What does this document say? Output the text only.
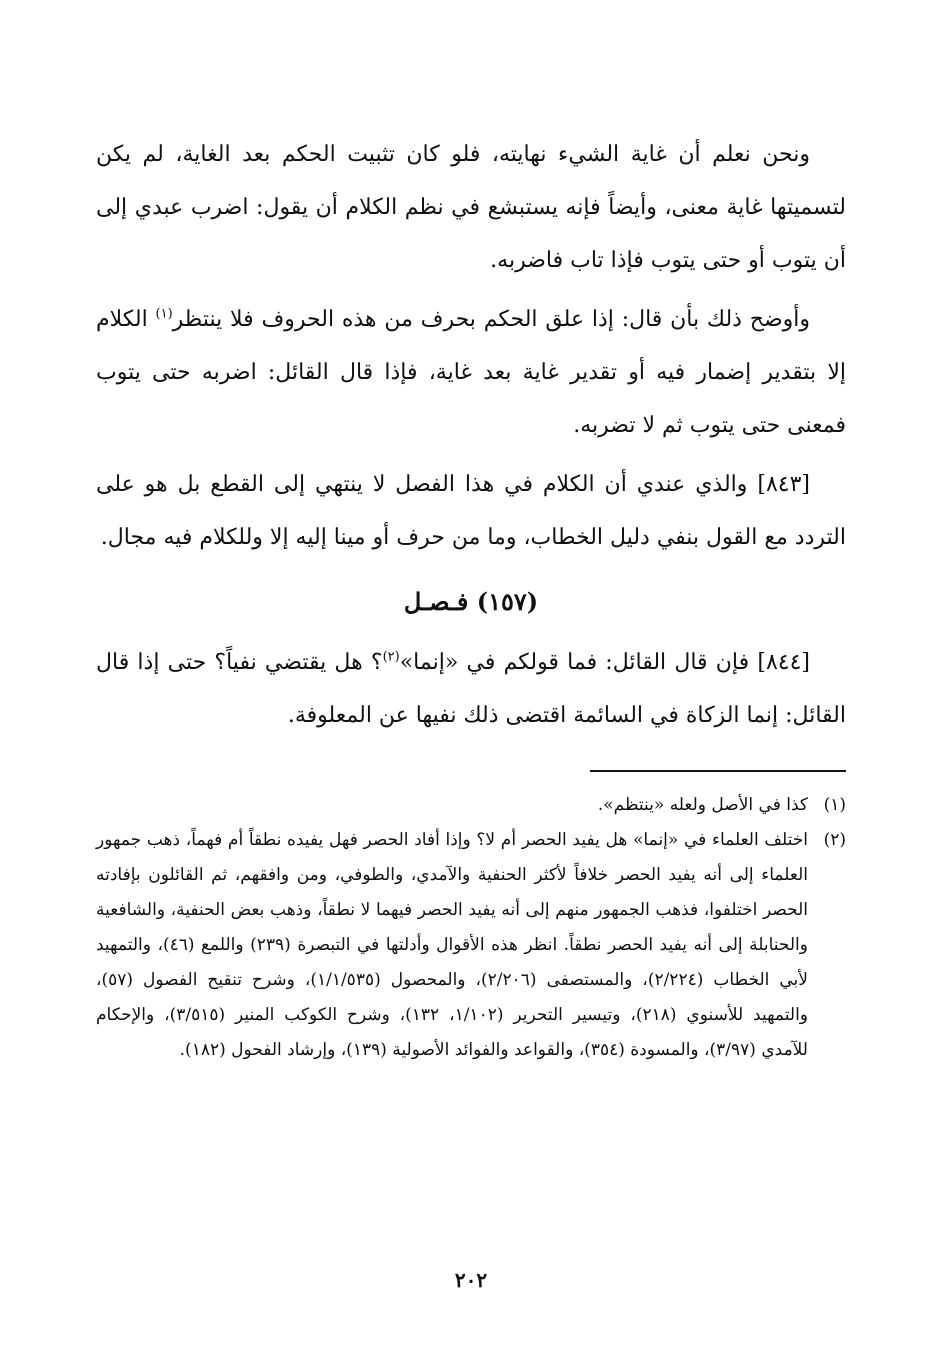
ونحن نعلم أن غاية الشيء نهايته، فلو كان تثبيت الحكم بعد الغاية، لم يكن لتسميتها غاية معنى، وأيضاً فإنه يستبشع في نظم الكلام أن يقول: اضرب عبدي إلى أن يتوب أو حتى يتوب فإذا تاب فاضربه.

وأوضح ذلك بأن قال: إذا علق الحكم بحرف من هذه الحروف فلا ينتظر$^{(١)}$ الكلام إلا بتقدير إضمار فيه أو تقدير غاية بعد غاية، فإذا قال القائل: اضربه حتى يتوب فمعنى حتى يتوب ثم لا تضربه.

[٨٤٣] والذي عندي أن الكلام في هذا الفصل لا ينتهي إلى القطع بل هو على التردد مع القول بنفي دليل الخطاب، وما من حرف أو مينا إليه إلا وللكلام فيه مجال.

(١٥٧) فـصـل

[٨٤٤] فإن قال القائل: فما قولكم في «إنما»$^{(٢)}$؟ هل يقتضي نفياً؟ حتى إذا قال القائل: إنما الزكاة في السائمة اقتضى ذلك نفيها عن المعلوفة.

(١)
كذا في الأصل ولعله «ينتظم».
(٢)
اختلف العلماء في «إنما» هل يفيد الحصر أم لا؟ وإذا أفاد الحصر فهل يفيده نطقاً أم فهماً، ذهب جمهور العلماء إلى أنه يفيد الحصر خلافاً لأكثر الحنفية والآمدي، والطوفي، ومن وافقهم، ثم القائلون بإفادته الحصر اختلفوا، فذهب الجمهور منهم إلى أنه يفيد الحصر فيهما لا نطقاً، وذهب بعض الحنفية، والشافعية والحنابلة إلى أنه يفيد الحصر نطقاً. انظر هذه الأقوال وأدلتها في التبصرة (٢٣٩) واللمع (٤٦)، والتمهيد لأبي الخطاب (٢/٢٢٤)، والمستصفى (٢/٢٠٦)، والمحصول (١/١/٥٣٥)، وشرح تنقيح الفصول (٥٧)، والتمهيد للأسنوي (٢١٨)، وتيسير التحرير (١/١٠٢، ١٣٢)، وشرح الكوكب المنير (٣/٥١٥)، والإحكام للآمدي (٣/٩٧)، والمسودة (٣٥٤)، والقواعد والفوائد الأصولية (١٣٩)، وإرشاد الفحول (١٨٢).
٢٠٢
